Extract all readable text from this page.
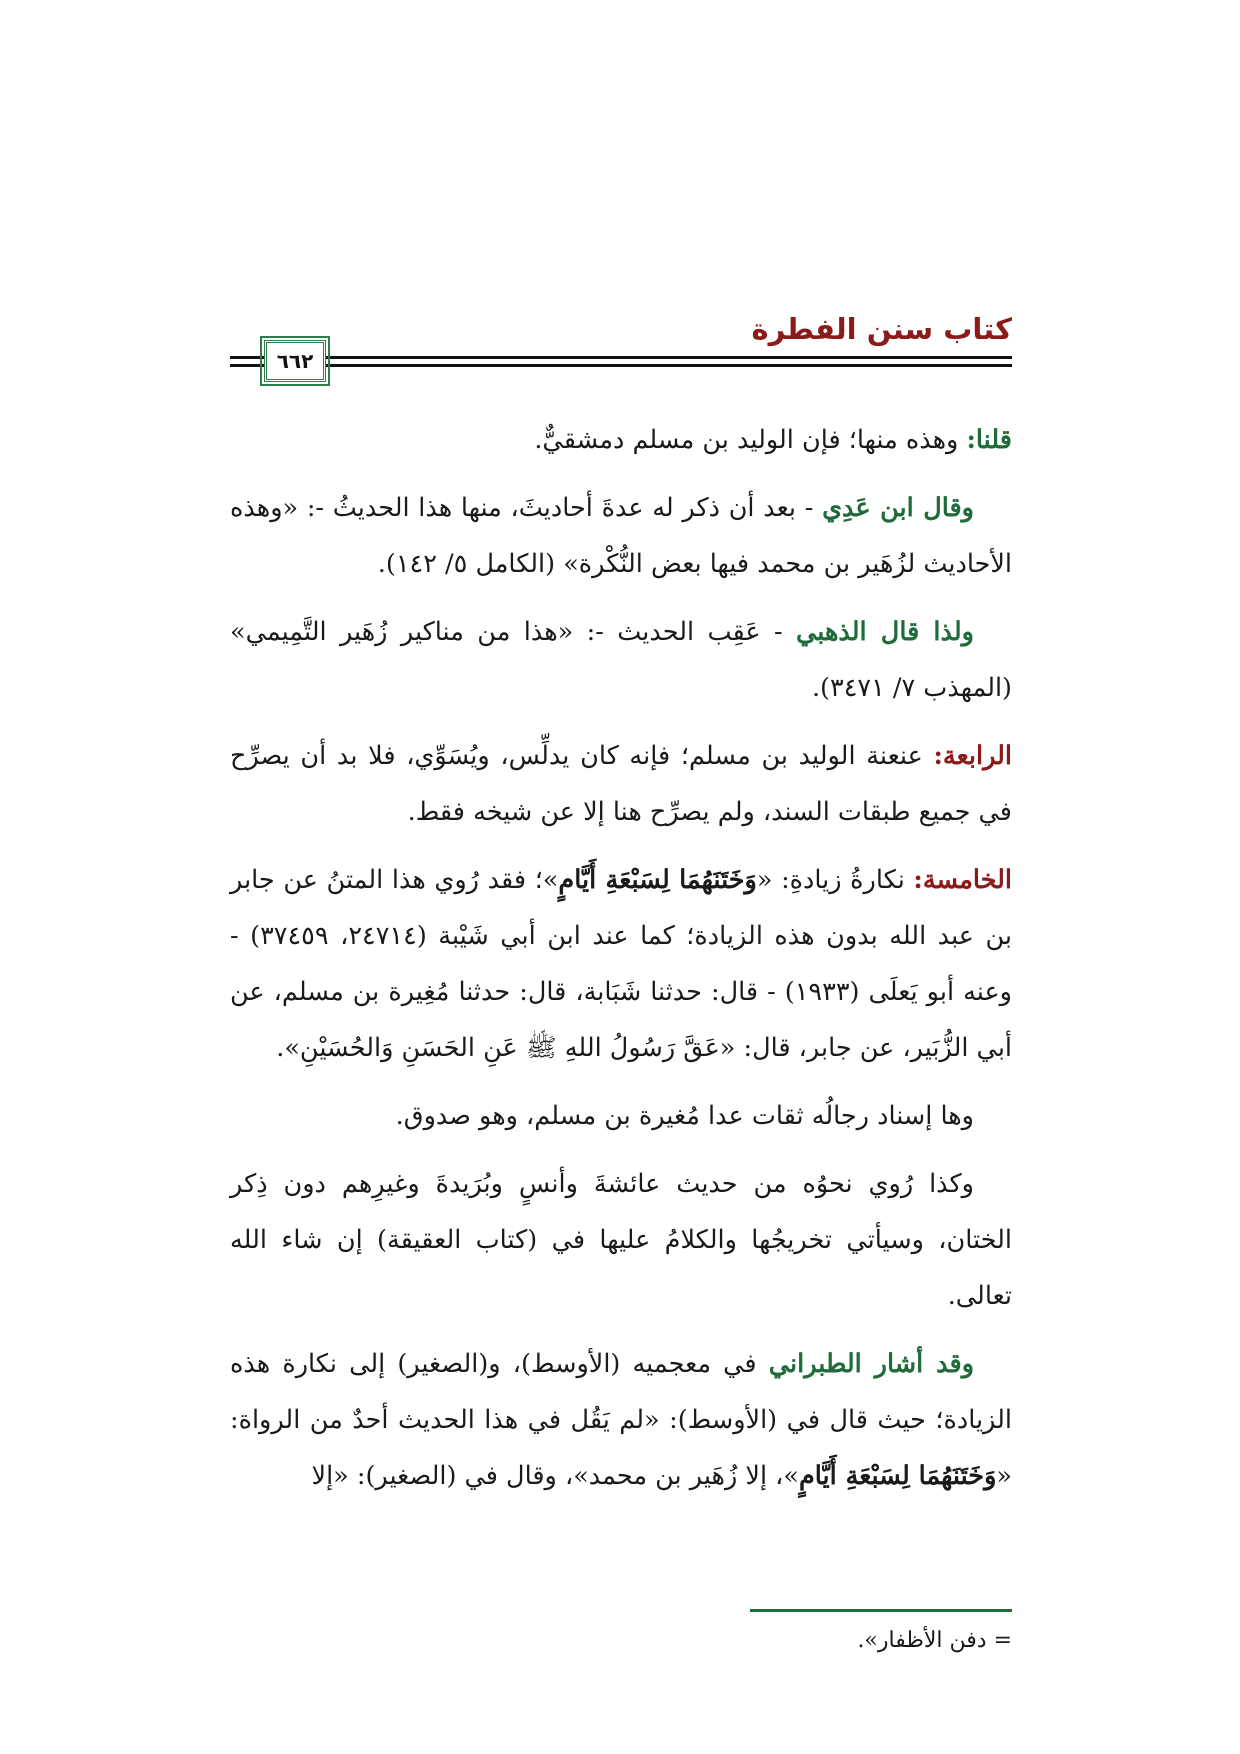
كتاب سنن الفطرة
٦٦٢

قلنا: وهذه منها؛ فإن الوليد بن مسلم دمشقيٌّ.

وقال ابن عَدِي - بعد أن ذكر له عدةَ أحاديثَ، منها هذا الحديثُ -: «وهذه الأحاديث لزُهَير بن محمد فيها بعض النُّكْرة» (الكامل ٥/ ١٤٢).

ولذا قال الذهبي - عَقِب الحديث -: «هذا من مناكير زُهَير التَّمِيمي» (المهذب ٧/ ٣٤٧١).

الرابعة: عنعنة الوليد بن مسلم؛ فإنه كان يدلِّس، ويُسَوِّي، فلا بد أن يصرِّح في جميع طبقات السند، ولم يصرِّح هنا إلا عن شيخه فقط.

الخامسة: نكارةُ زيادةِ: «وَخَتَنَهُمَا لِسَبْعَةِ أَيَّامٍ»؛ فقد رُوي هذا المتنُ عن جابر بن عبد الله بدون هذه الزيادة؛ كما عند ابن أبي شَيْبة (٢٤٧١٤، ٣٧٤٥٩) - وعنه أبو يَعلَى (١٩٣٣) - قال: حدثنا شَبَابة، قال: حدثنا مُغِيرة بن مسلم، عن أبي الزُّبَير، عن جابر، قال: «عَقَّ رَسُولُ اللهِ ﷺ عَنِ الحَسَنِ وَالحُسَيْنِ».

وها إسناد رجالُه ثقات عدا مُغيرة بن مسلم، وهو صدوق.

وكذا رُوي نحوُه من حديث عائشةَ وأنسٍ وبُرَيدةَ وغيرِهم دون ذِكر الختان، وسيأتي تخريجُها والكلامُ عليها في (كتاب العقيقة) إن شاء الله تعالى.

وقد أشار الطبراني في معجميه (الأوسط)، و(الصغير) إلى نكارة هذه الزيادة؛ حيث قال في (الأوسط): «لم يَقُل في هذا الحديث أحدٌ من الرواة: «وَخَتَنَهُمَا لِسَبْعَةِ أَيَّامٍ»، إلا زُهَير بن محمد»، وقال في (الصغير): «إلا

= دفن الأظفار».
